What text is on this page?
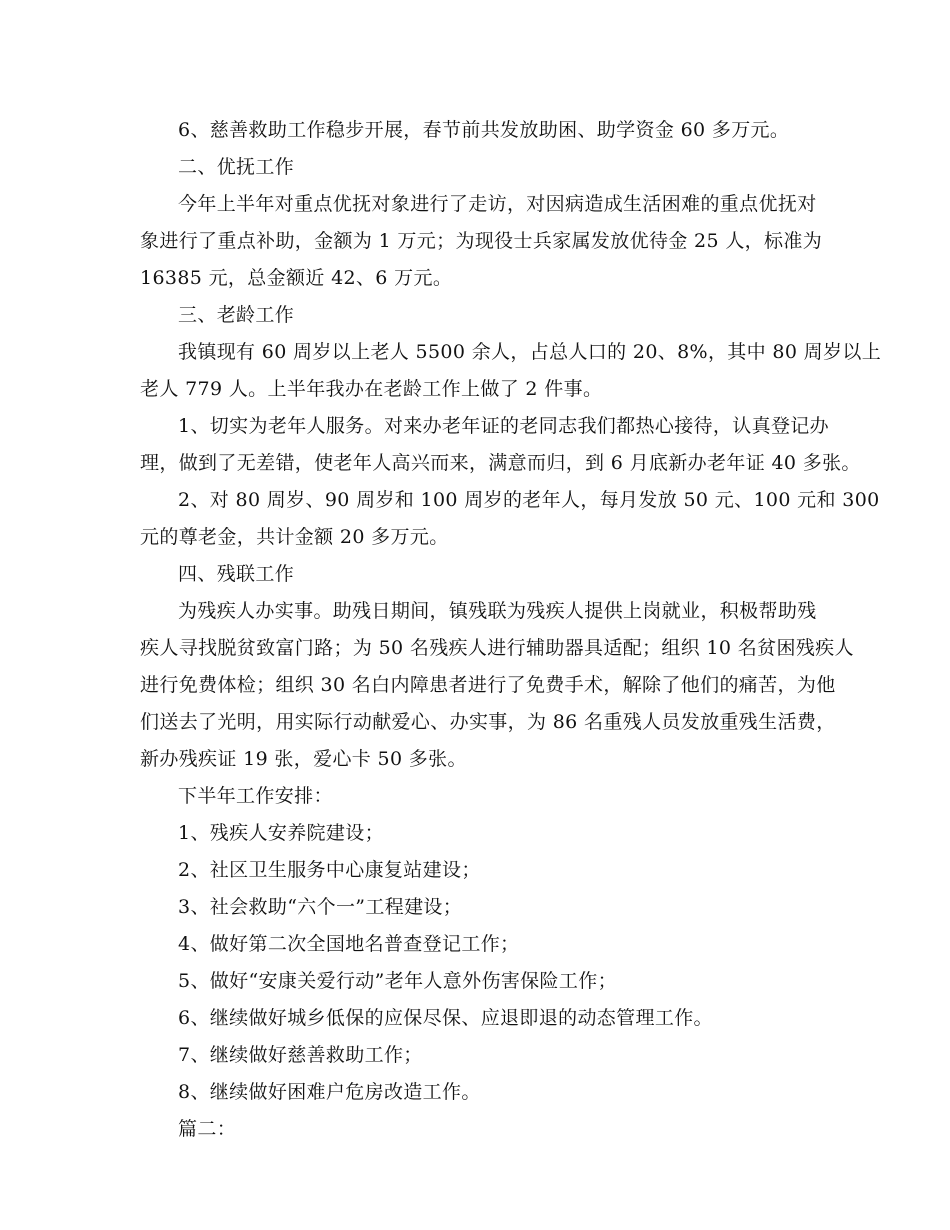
6、慈善救助工作稳步开展，春节前共发放助困、助学资金 60 多万元。
二、优抚工作
今年上半年对重点优抚对象进行了走访，对因病造成生活困难的重点优抚对
象进行了重点补助，金额为 1 万元；为现役士兵家属发放优待金 25 人，标准为
16385 元，总金额近 42、6 万元。
三、老龄工作
我镇现有 60 周岁以上老人 5500 余人，占总人口的 20、8%，其中 80 周岁以上
老人 779 人。上半年我办在老龄工作上做了 2 件事。
1、切实为老年人服务。对来办老年证的老同志我们都热心接待，认真登记办
理，做到了无差错，使老年人高兴而来，满意而归，到 6 月底新办老年证 40 多张。
2、对 80 周岁、90 周岁和 100 周岁的老年人，每月发放 50 元、100 元和 300
元的尊老金，共计金额 20 多万元。
四、残联工作
为残疾人办实事。助残日期间，镇残联为残疾人提供上岗就业，积极帮助残
疾人寻找脱贫致富门路；为 50 名残疾人进行辅助器具适配；组织 10 名贫困残疾人
进行免费体检；组织 30 名白内障患者进行了免费手术，解除了他们的痛苦，为他
们送去了光明，用实际行动献爱心、办实事，为 86 名重残人员发放重残生活费，
新办残疾证 19 张，爱心卡 50 多张。
下半年工作安排：
1、残疾人安养院建设；
2、社区卫生服务中心康复站建设；
3、社会救助“六个一”工程建设；
4、做好第二次全国地名普查登记工作；
5、做好“安康关爱行动”老年人意外伤害保险工作；
6、继续做好城乡低保的应保尽保、应退即退的动态管理工作。
7、继续做好慈善救助工作；
8、继续做好困难户危房改造工作。
篇二：
